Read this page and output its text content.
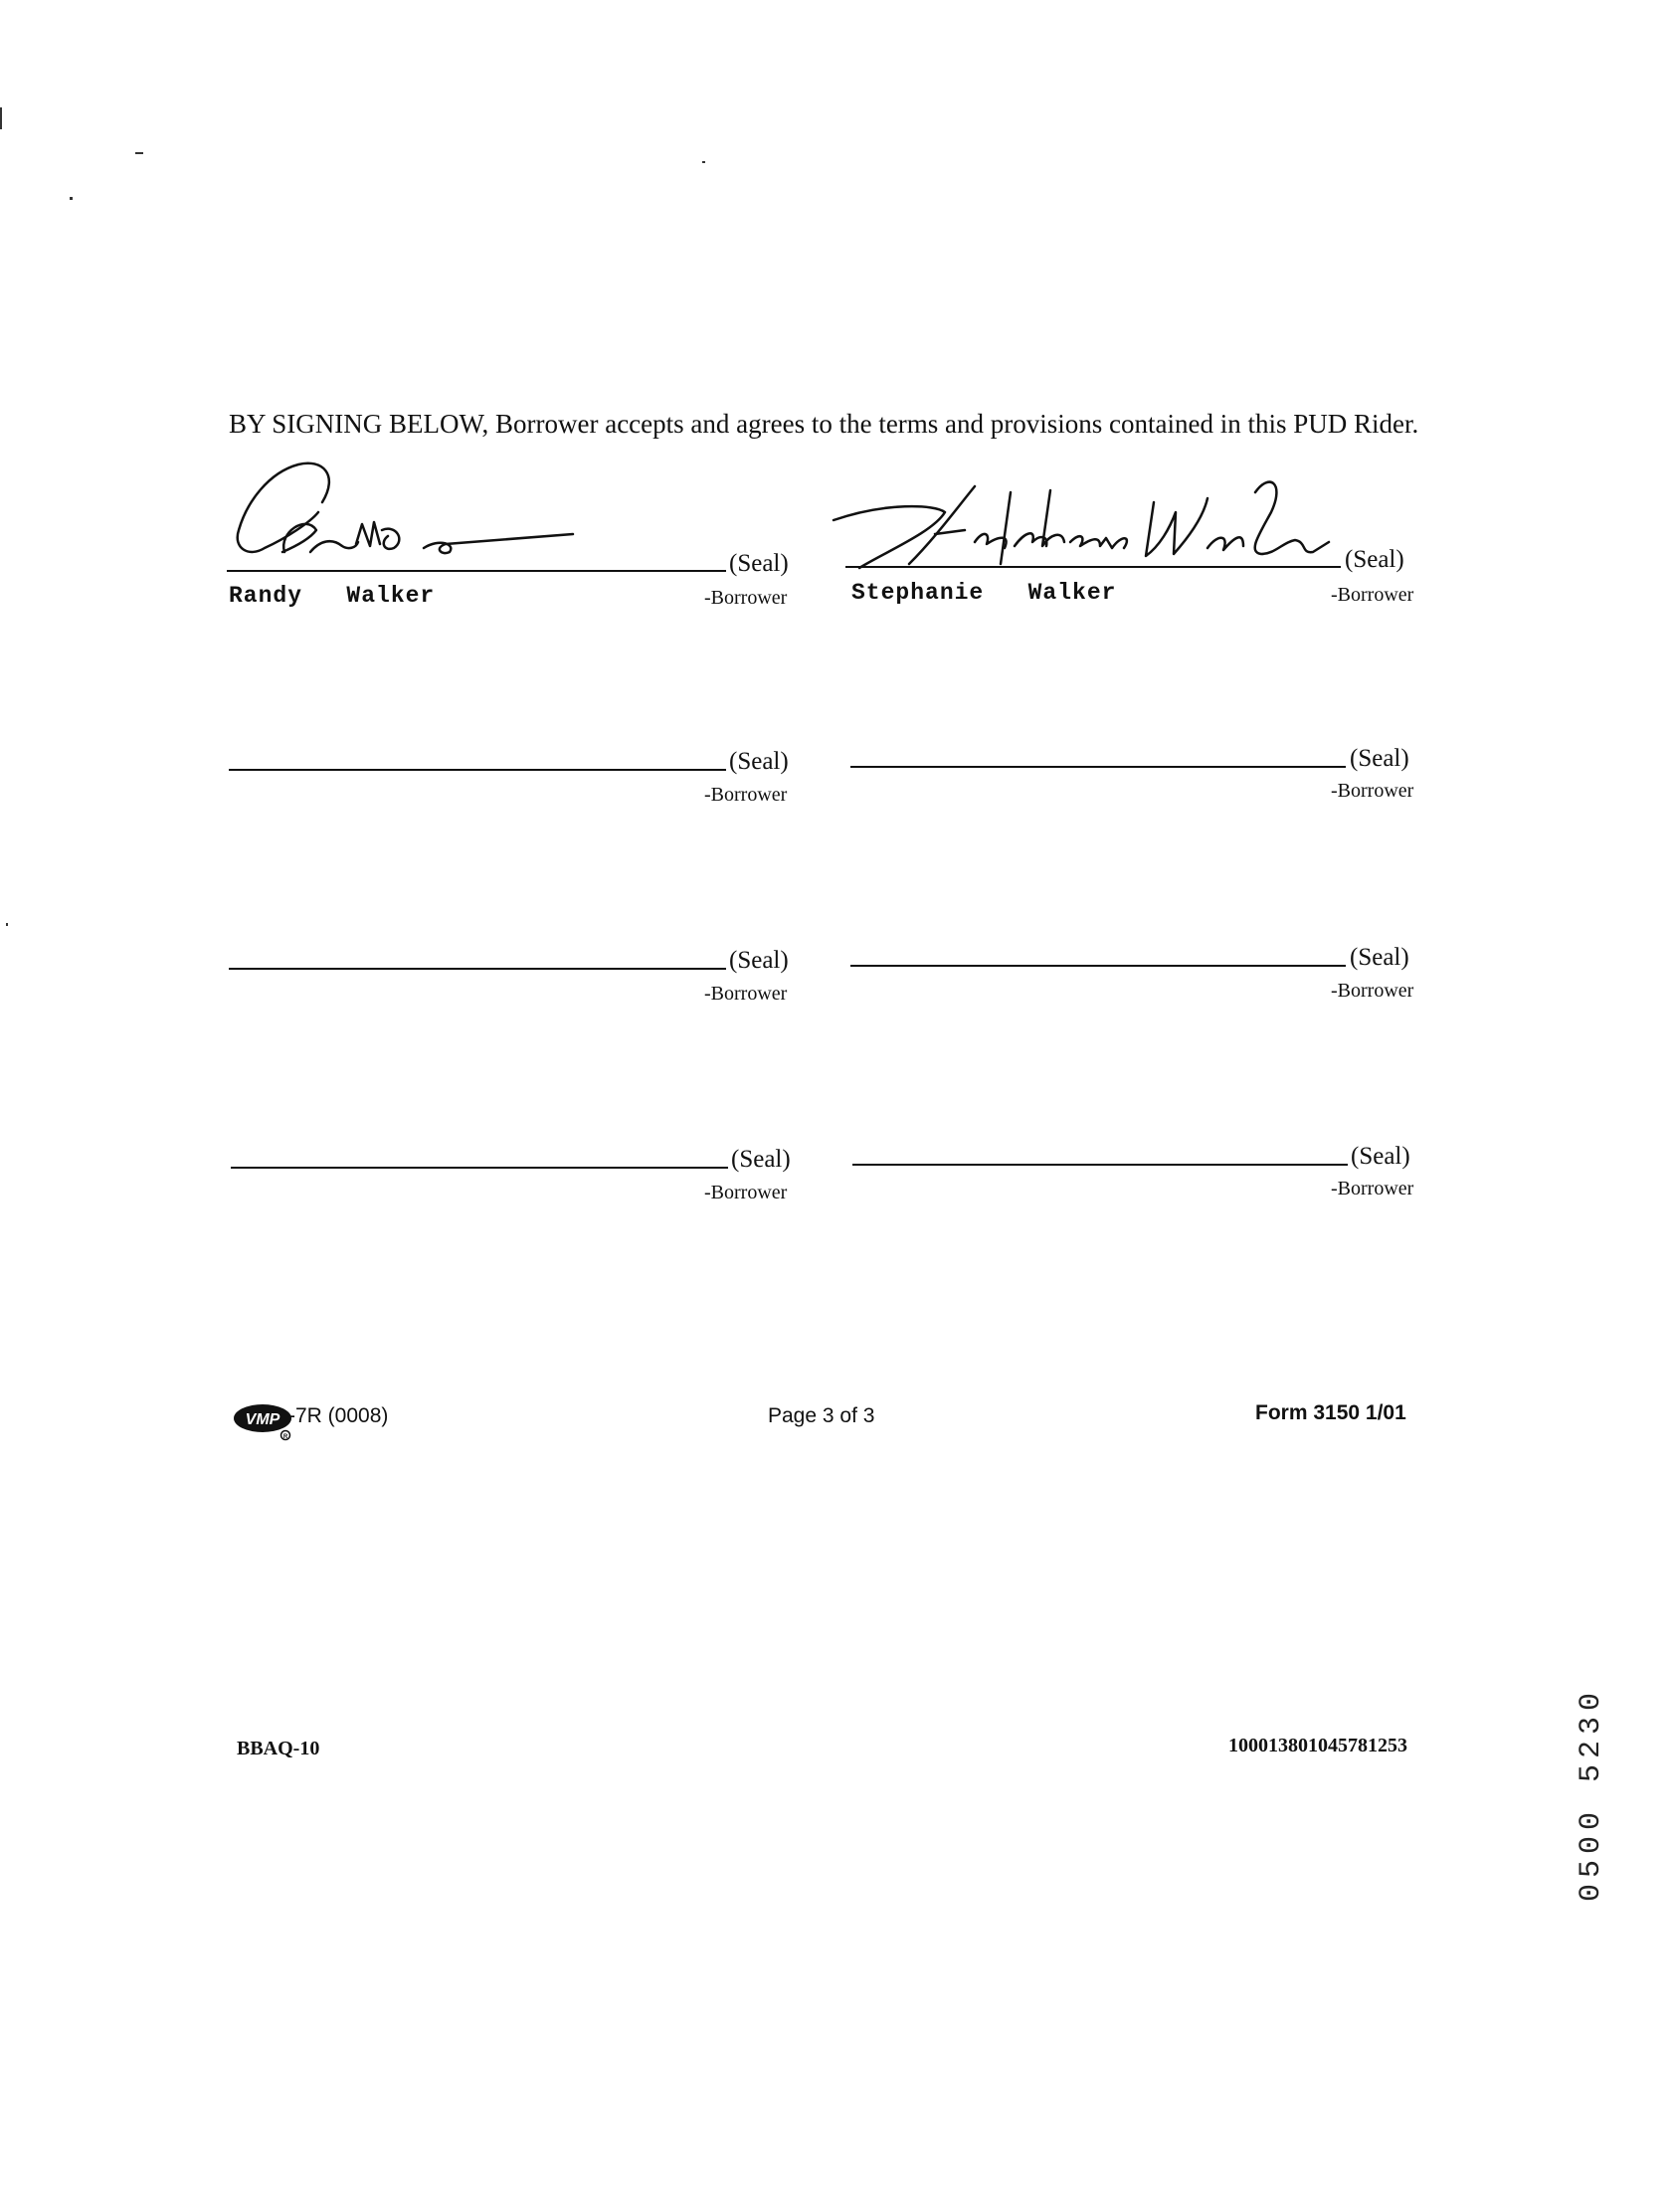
BY SIGNING BELOW, Borrower accepts and agrees to the terms and provisions contained in this PUD Rider.
(Seal)
Randy   Walker	-Borrower
(Seal)
Stephanie   Walker	-Borrower
(Seal)
-Borrower
(Seal)
-Borrower
(Seal)
-Borrower
(Seal)
-Borrower
(Seal)
-Borrower
(Seal)
-Borrower
VMP
R
-7R (0008)	Page 3 of 3	Form 3150 1/01
BBAQ-10	100013801045781253	0500 5230
